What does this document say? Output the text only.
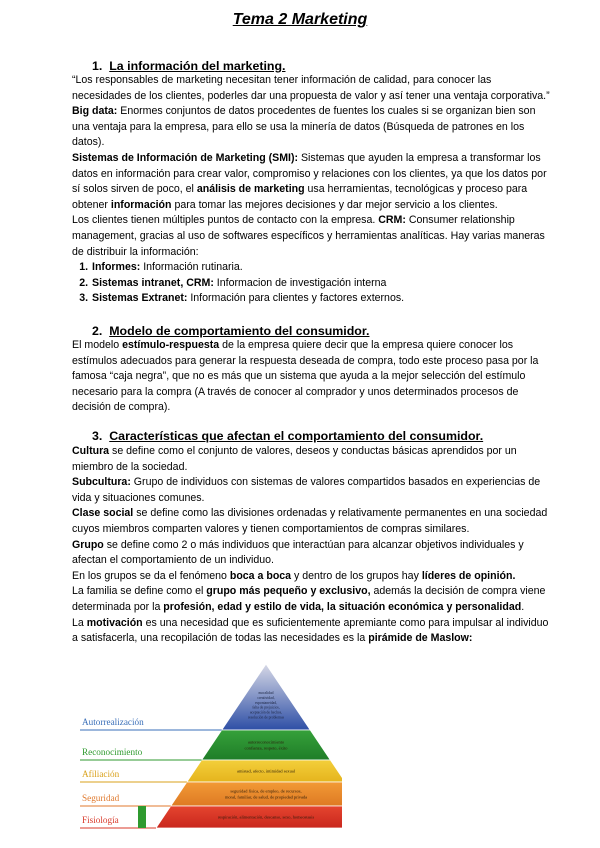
Tema 2 Marketing
1. La información del marketing.

“Los responsables de marketing necesitan tener información de calidad, para conocer las necesidades de los clientes, poderles dar una propuesta de valor y así tener una ventaja corporativa.”

Big data: Enormes conjuntos de datos procedentes de fuentes los cuales si se organizan bien son una ventaja para la empresa, para ello se usa la minería de datos (Búsqueda de patrones en los datos).

Sistemas de Información de Marketing (SMI): Sistemas que ayuden la empresa a transformar los datos en información para crear valor, compromiso y relaciones con los clientes, ya que los datos por sí solos sirven de poco, el análisis de marketing usa herramientas, tecnológicas y proceso para obtener información para tomar las mejores decisiones y dar mejor servicio a los clientes.

Los clientes tienen múltiples puntos de contacto con la empresa. CRM: Consumer relationship management, gracias al uso de softwares específicos y herramientas analíticas. Hay varias maneras de distribuir la información:

1. Informes: Información rutinaria.
2. Sistemas intranet, CRM: Informacion de investigación interna
3. Sistemas Extranet: Información para clientes y factores externos.
2. Modelo de comportamiento del consumidor.

El modelo estímulo-respuesta de la empresa quiere decir que la empresa quiere conocer los estímulos adecuados para generar la respuesta deseada de compra, todo este proceso pasa por la famosa “caja negra”, que no es más que un sistema que ayuda a la mejor selección del estímulo necesario para la compra (A través de conocer al comprador y unos determinados procesos de decisión de compra).

3. Características que afectan el comportamiento del consumidor.

Cultura se define como el conjunto de valores, deseos y conductas básicas aprendidos por un miembro de la sociedad.

Subcultura: Grupo de individuos con sistemas de valores compartidos basados en experiencias de vida y situaciones comunes.

Clase social se define como las divisiones ordenadas y relativamente permanentes en una sociedad cuyos miembros comparten valores y tienen comportamientos de compras similares.

Grupo se define como 2 o más individuos que interactúan para alcanzar objetivos individuales y afectan el comportamiento de un individuo.

En los grupos se da el fenómeno boca a boca y dentro de los grupos hay líderes de opinión.

La familia se define como el grupo más pequeño y exclusivo, además la decisión de compra viene determinada por la profesión, edad y estilo de vida, la situación económica y personalidad.

La motivación es una necesidad que es suficientemente apremiante como para impulsar al individuo a satisfacerla, una recopilación de todas las necesidades es la pirámide de Maslow:

moralidad
creatividad,
espontaneidad,
falta de prejuicios,
aceptación de hechos,
resolución de problemas
autorreconocimiento
confianza, respeto, éxito
amistad, afecto, intimidad sexual
seguridad física, de empleo, de recursos,
moral, familiar, de salud, de propiedad privada
respiración, alimentación, descanso, sexo, homeostasis
Autorrealización
Reconocimiento
Afiliación
Seguridad
Fisiología
